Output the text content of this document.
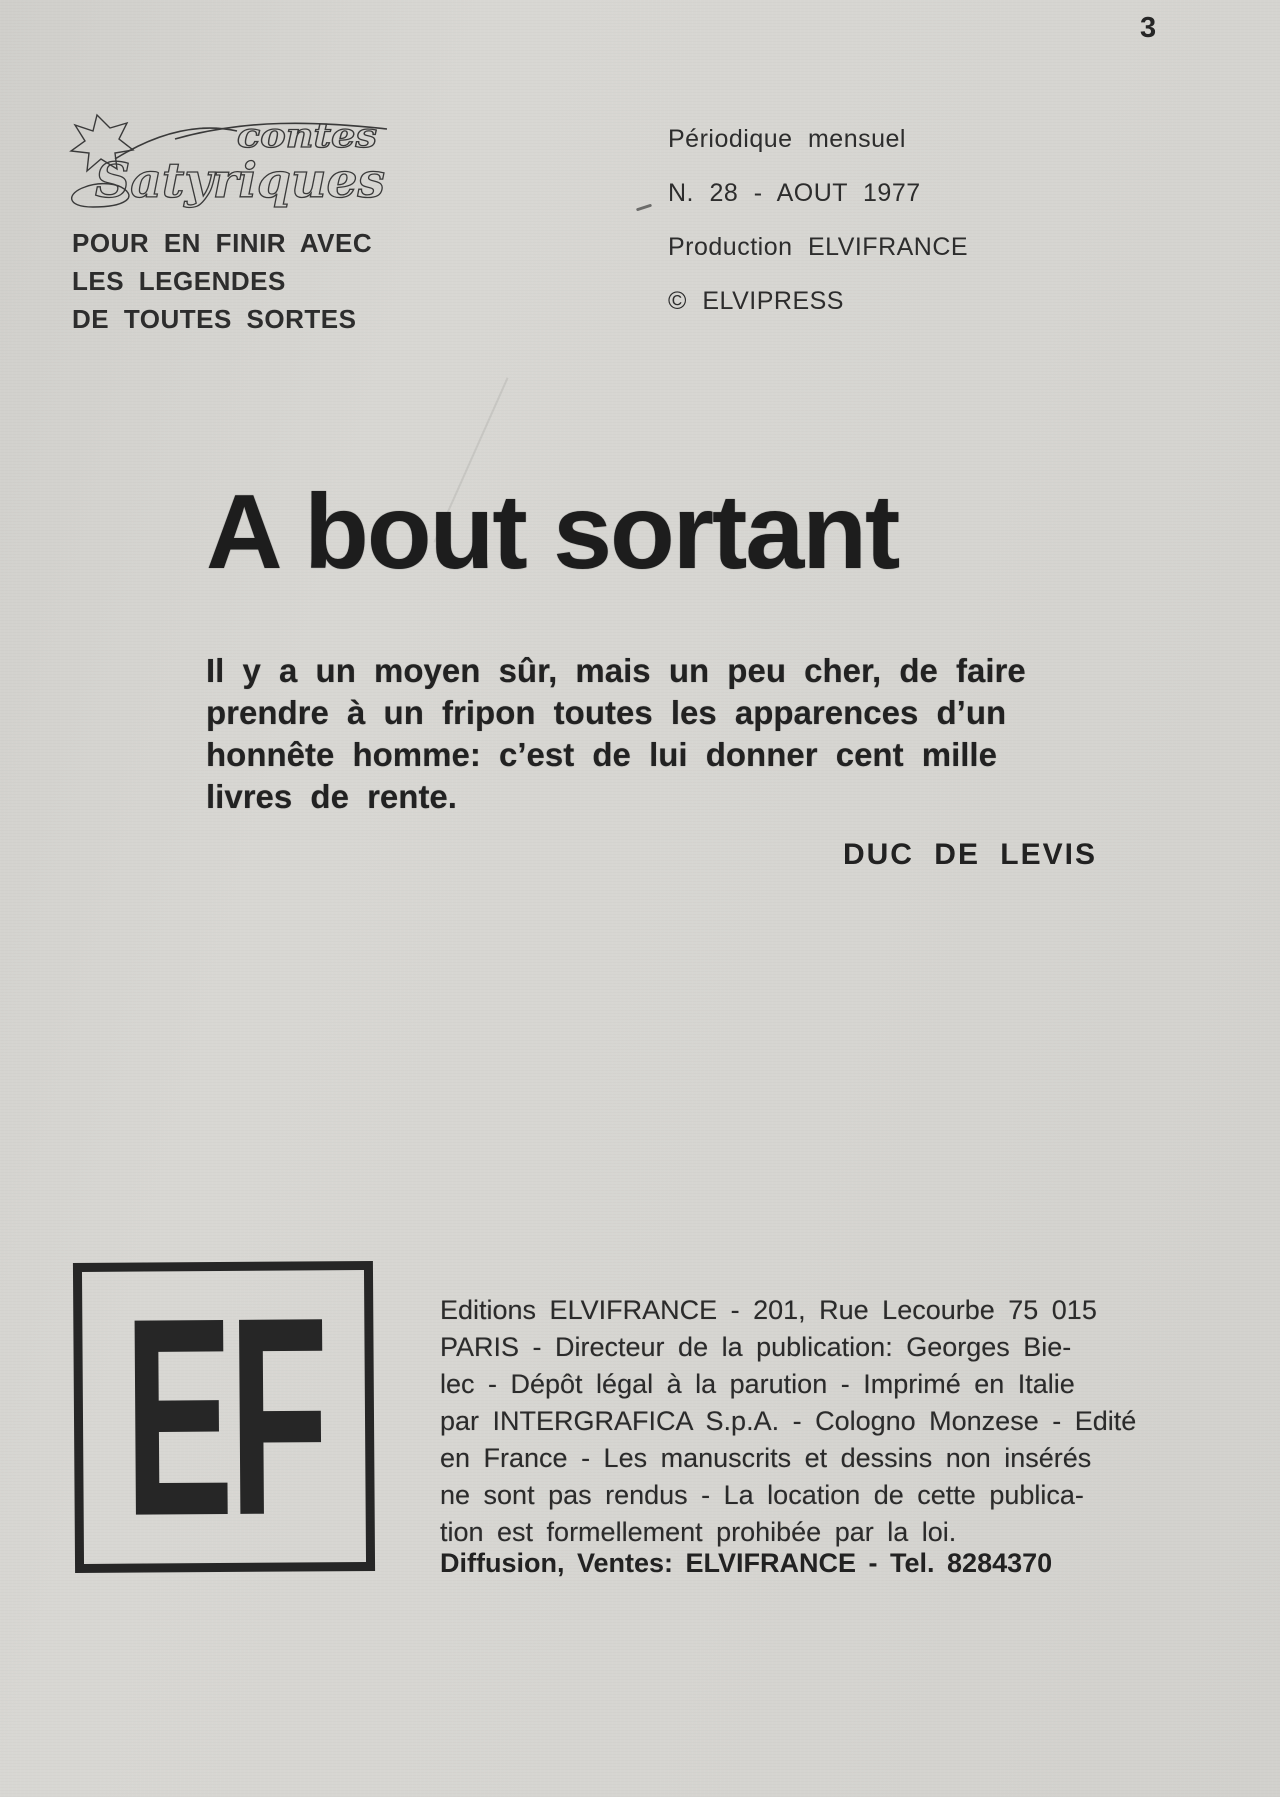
3
contes
Satyriques
POUR EN FINIR AVEC
LES LEGENDES
DE TOUTES SORTES
Périodique mensuel
N. 28 - AOUT 1977
Production ELVIFRANCE
© ELVIPRESS
A bout sortant
Il y a un moyen sûr, mais un peu cher, de faire
prendre à un fripon toutes les apparences d’un
honnête homme: c’est de lui donner cent mille
livres de rente.
DUC DE LEVIS
EF	Editions ELVIFRANCE - 201, Rue Lecourbe 75 015
PARIS - Directeur de la publication: Georges Bie-
lec - Dépôt légal à la parution - Imprimé en Italie
par INTERGRAFICA S.p.A. - Cologno Monzese - Edité
en France - Les manuscrits et dessins non insérés
ne sont pas rendus - La location de cette publica-
tion est formellement prohibée par la loi.
Diffusion, Ventes: ELVIFRANCE - Tel. 8284370
